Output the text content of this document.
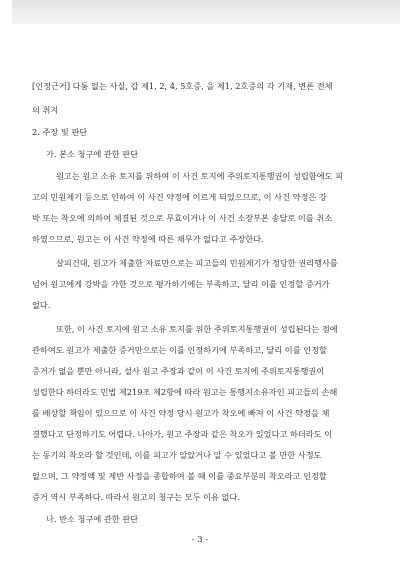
[인정근거] 다툼 없는 사실, 갑 제1, 2, 4, 5호증, 을 제1, 2호증의 각 기재, 변론 전체
의 취지
2. 주장 및 판단
가. 본소 청구에 관한 판단
원고는 원고 소유 토지를 위하여 이 사건 토지에 주위토지통행권이 성립함에도 피
고의 민원제기 등으로 인하여 이 사건 약정에 이르게 되었으므로, 이 사건 약정은 강
박 또는 착오에 의하여 체결된 것으로 무효이거나 이 사건 소장부본 송달로 이를 취소
하였으므로, 원고는 이 사건 약정에 따른 채무가 없다고 주장한다.
살피건대, 원고가 제출한 자료만으로는 피고들의 민원제기가 정당한 권리행사를
넘어 원고에게 강박을 가한 것으로 평가하기에는 부족하고, 달리 이를 인정할 증거가
없다.
또한, 이 사건 토지에 원고 소유 토지를 위한 주위토지통행권이 성립된다는 점에
관하여도 원고가 제출한 증거만으로는 이를 인정하기에 부족하고, 달리 이를 인정할
증거가 없을 뿐만 아니라, 설사 원고 주장과 같이 이 사건 토지에 주위토지통행권이
성립한다 하더라도 민법 제219조 제2항에 따라 원고는 통행지소유자인 피고들의 손해
를 배상할 책임이 있으므로 이 사건 약정 당시 원고가 착오에 빠져 이 사건 약정을 체
결했다고 단정하기도 어렵다. 나아가, 원고 주장과 같은 착오가 있었다고 하더라도 이
는 동기의 착오라 할 것인데, 이를 피고가 알았거나 알 수 있었다고 볼 만한 사정도
없으며, 그 약정액 및 제반 사정을 종합하여 볼 때 이를 중요부분의 착오라고 인정할
증거 역시 부족하다. 따라서 원고의 청구는 모두 이유 없다.
나. 반소 청구에 관한 판단
- 3 -
